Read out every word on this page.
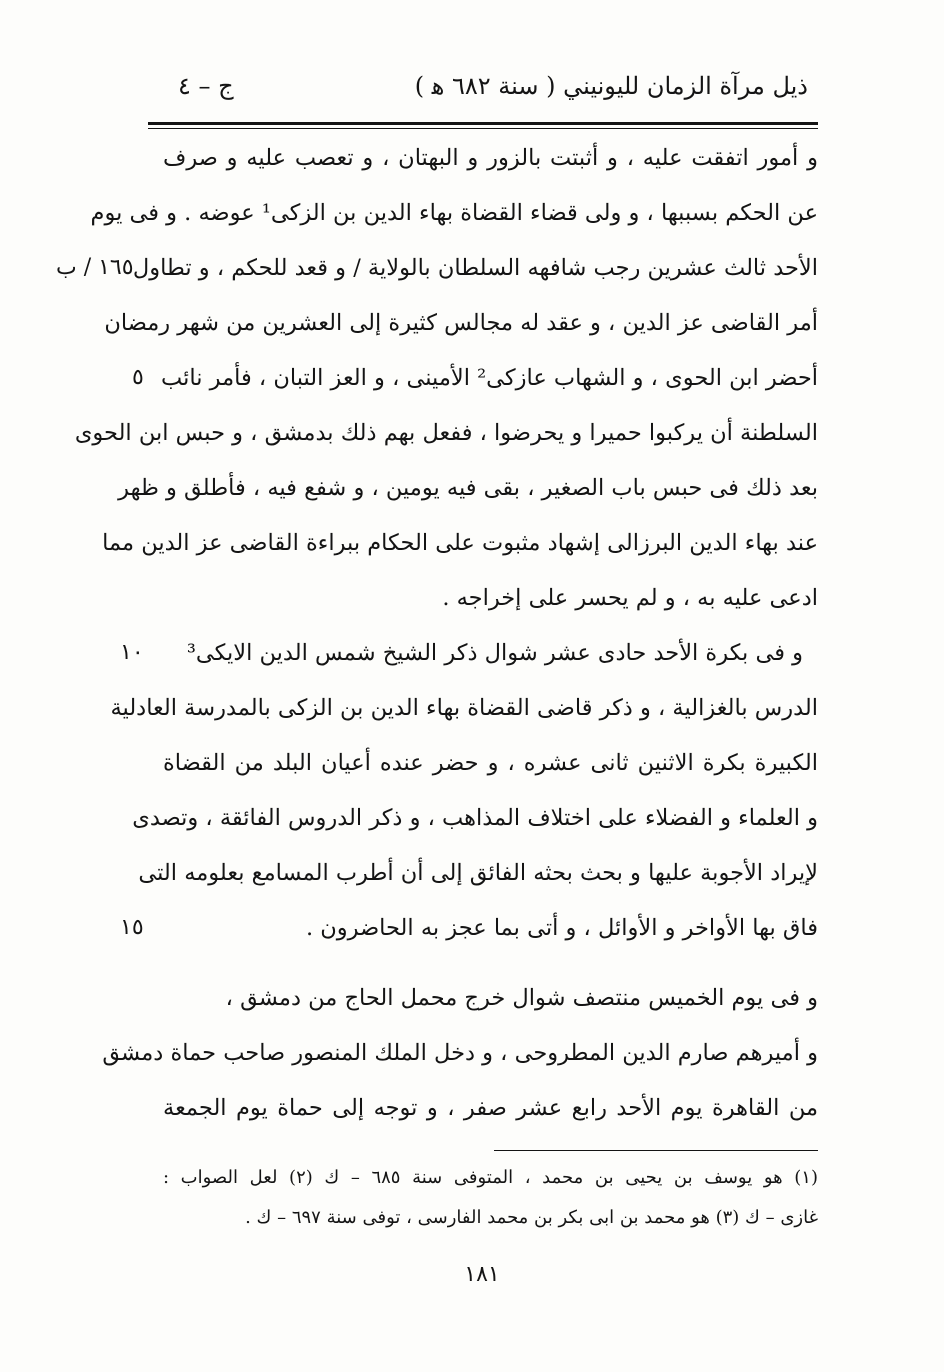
ذيل مرآة الزمان لليونيني ( سنة ٦٨٢ ﻫ )
ج – ٤
و أمور اتفقت عليه ، و أثبتت بالزور و البهتان ، و تعصب عليه و صرف
عن الحكم بسببها ، و ولى قضاء القضاة بهاء الدين بن الزكى¹ عوضه . و فى يوم
الأحد ثالث عشرين رجب شافهه السلطان بالولاية / و قعد للحكم ، و تطاول
أمر القاضى عز الدين ، و عقد له مجالس كثيرة إلى العشرين من شهر رمضان
أحضر ابن الحوى ، و الشهاب عازكى² الأمينى ، و العز التبان ، فأمر نائب
السلطنة أن يركبوا حميرا و يحرضوا ، ففعل بهم ذلك بدمشق ، و حبس ابن الحوى
بعد ذلك فى حبس باب الصغير ، بقى فيه يومين ، و شفع فيه ، فأطلق و ظهر
عند بهاء الدين البرزالى إشهاد مثبوت على الحكام ببراءة القاضى عز الدين مما
ادعى عليه به ، و لم يحسر على إخراجه .
و فى بكرة الأحد حادى عشر شوال ذكر الشيخ شمس الدين الايكى³
الدرس بالغزالية ، و ذكر قاضى القضاة بهاء الدين بن الزكى بالمدرسة العادلية
الكبيرة بكرة الاثنين ثانى عشره ، و حضر عنده أعيان البلد من القضاة
و العلماء و الفضلاء على اختلاف المذاهب ، و ذكر الدروس الفائقة ، وتصدى
لإيراد الأجوبة عليها و بحث بحثه الفائق إلى أن أطرب المسامع بعلومه التى
فاق بها الأواخر و الأوائل ، و أتى بما عجز به الحاضرون .
و فى يوم الخميس منتصف شوال خرج محمل الحاج من دمشق ،
و أميرهم صارم الدين المطروحى ، و دخل الملك المنصور صاحب حماة دمشق
من القاهرة يوم الأحد رابع عشر صفر ، و توجه إلى حماة يوم الجمعة
١٦٥ / ب
٥
١٠
١٥
(١) هو يوسف بن يحيى بن محمد ، المتوفى سنة ٦٨٥ – ك (٢) لعل الصواب :
غازى – ك (٣) هو محمد بن ابى بكر بن محمد الفارسى ، توفى سنة ٦٩٧ – ك .
١٨١
